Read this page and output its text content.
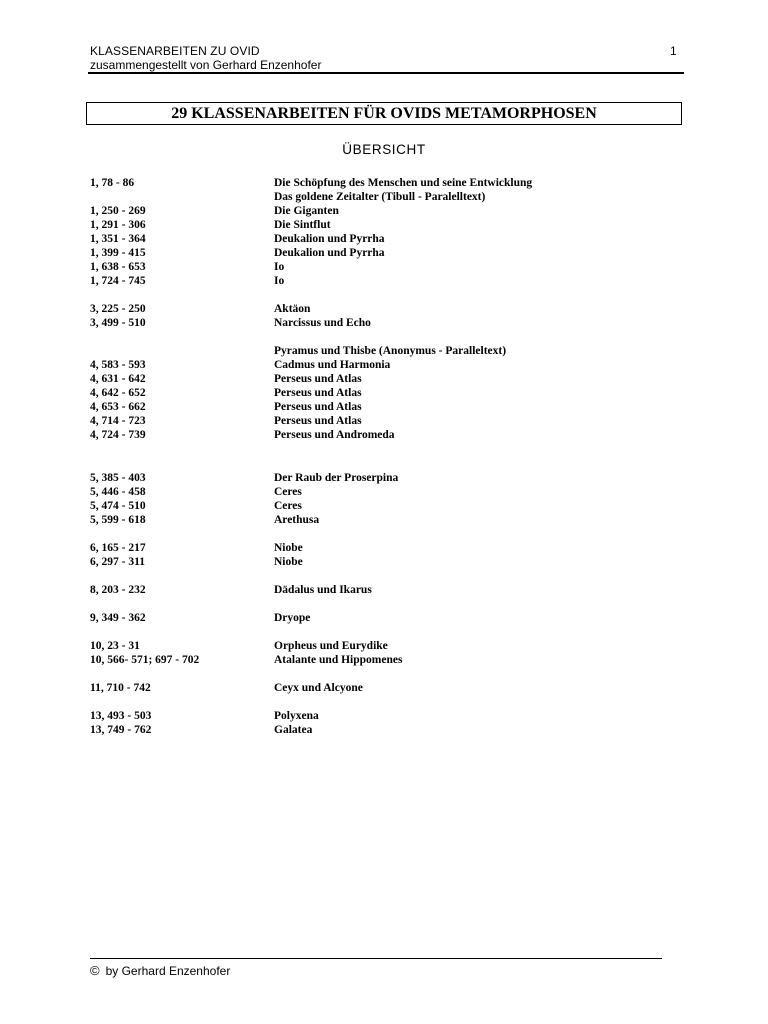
KLASSENARBEITEN ZU OVID
zusammengestellt von Gerhard Enzenhofer
1
29 KLASSENARBEITEN FÜR OVIDS METAMORPHOSEN
ÜBERSICHT
1, 78 - 86	Die Schöpfung des Menschen und seine Entwicklung
Das goldene Zeitalter (Tibull - Paralelltext)
1, 250 - 269	Die Giganten
1, 291 - 306	Die Sintflut
1, 351 - 364	Deukalion und Pyrrha
1, 399 - 415	Deukalion und Pyrrha
1, 638 - 653	Io
1, 724 - 745	Io
3, 225 - 250	Aktäon
3, 499 - 510	Narcissus und Echo
Pyramus und Thisbe (Anonymus - Paralleltext)
4, 583 - 593	Cadmus und Harmonia
4, 631 - 642	Perseus und Atlas
4, 642 - 652	Perseus und Atlas
4, 653 - 662	Perseus und Atlas
4, 714 - 723	Perseus und Atlas
4, 724 - 739	Perseus und Andromeda
5, 385 - 403	Der Raub der Proserpina
5, 446 - 458	Ceres
5, 474 - 510	Ceres
5, 599 - 618	Arethusa
6, 165 - 217	Niobe
6, 297 - 311	Niobe
8, 203 - 232	Dädalus und Ikarus
9, 349 - 362	Dryope
10, 23 - 31	Orpheus und Eurydike
10, 566- 571; 697 - 702	Atalante und Hippomenes
11, 710 - 742	Ceyx und Alcyone
13, 493 - 503	Polyxena
13, 749 - 762	Galatea
© by Gerhard Enzenhofer
